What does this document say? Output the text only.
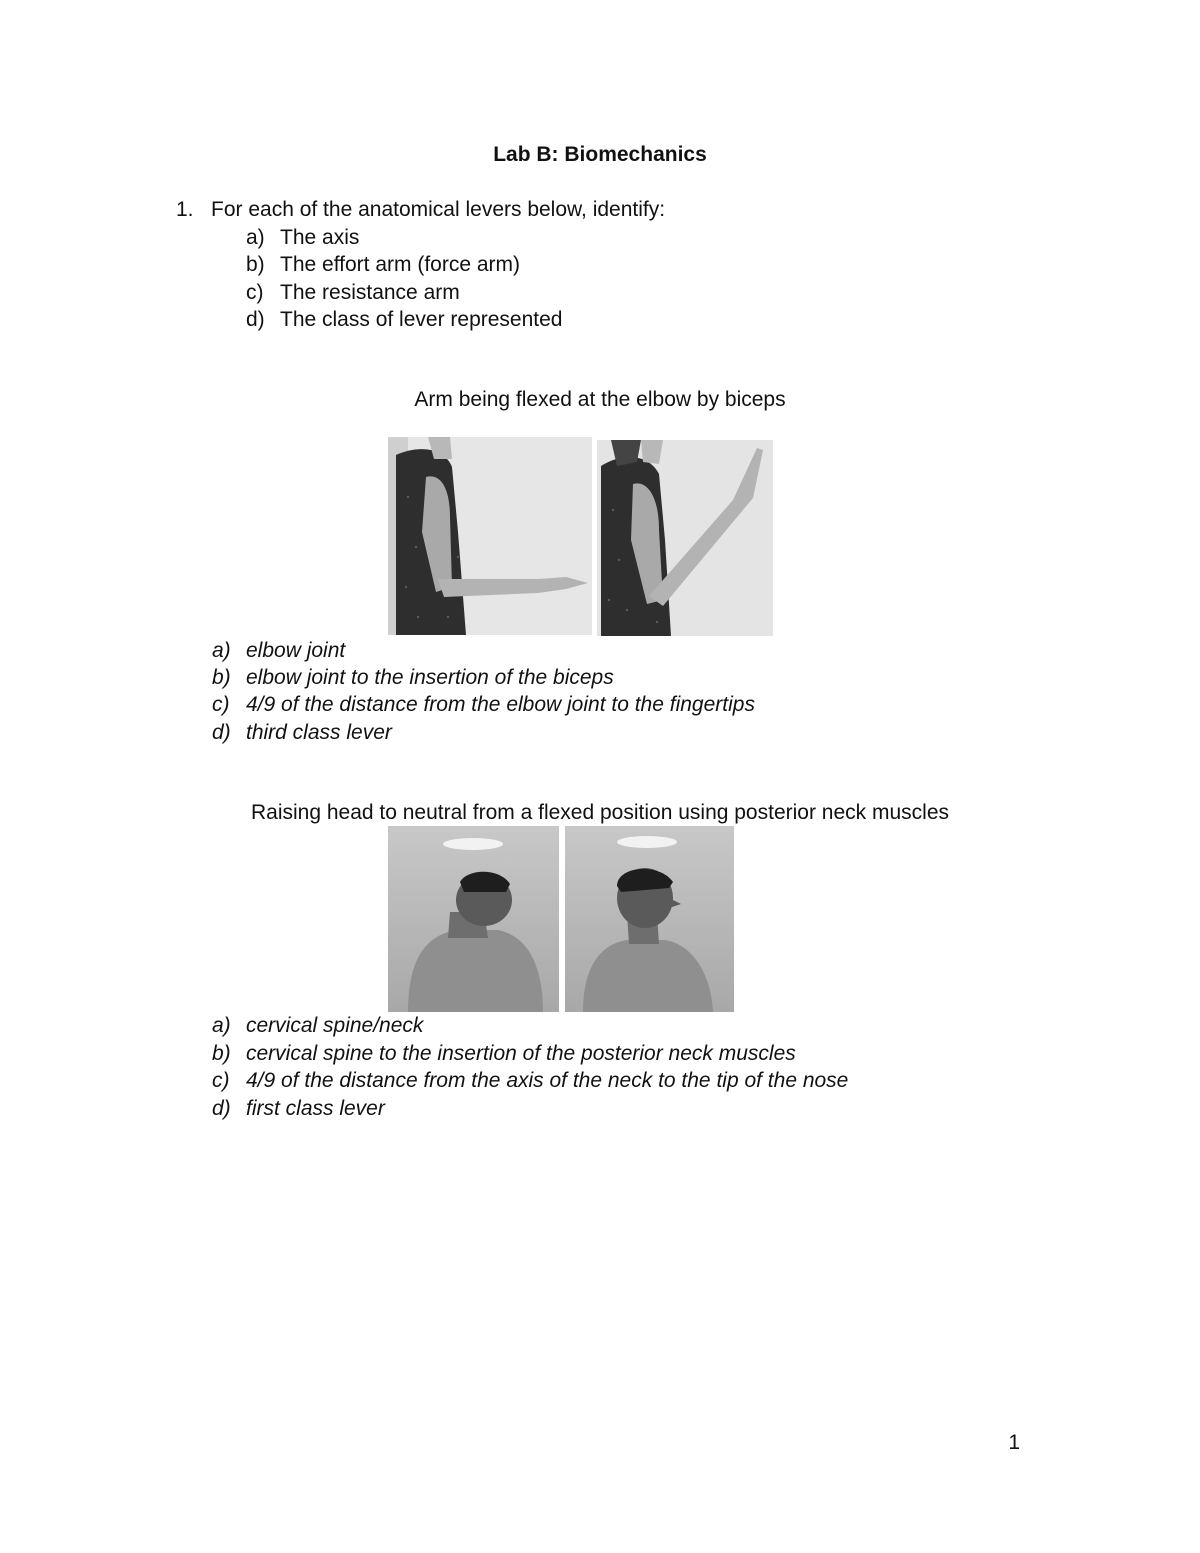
Lab B: Biomechanics
1. For each of the anatomical levers below, identify:
a) The axis
b) The effort arm (force arm)
c) The resistance arm
d) The class of lever represented
Arm being flexed at the elbow by biceps
a) elbow joint
b) elbow joint to the insertion of the biceps
c) 4/9 of the distance from the elbow joint to the fingertips
d) third class lever
Raising head to neutral from a flexed position using posterior neck muscles
a) cervical spine/neck
b) cervical spine to the insertion of the posterior neck muscles
c) 4/9 of the distance from the axis of the neck to the tip of the nose
d) first class lever
1
